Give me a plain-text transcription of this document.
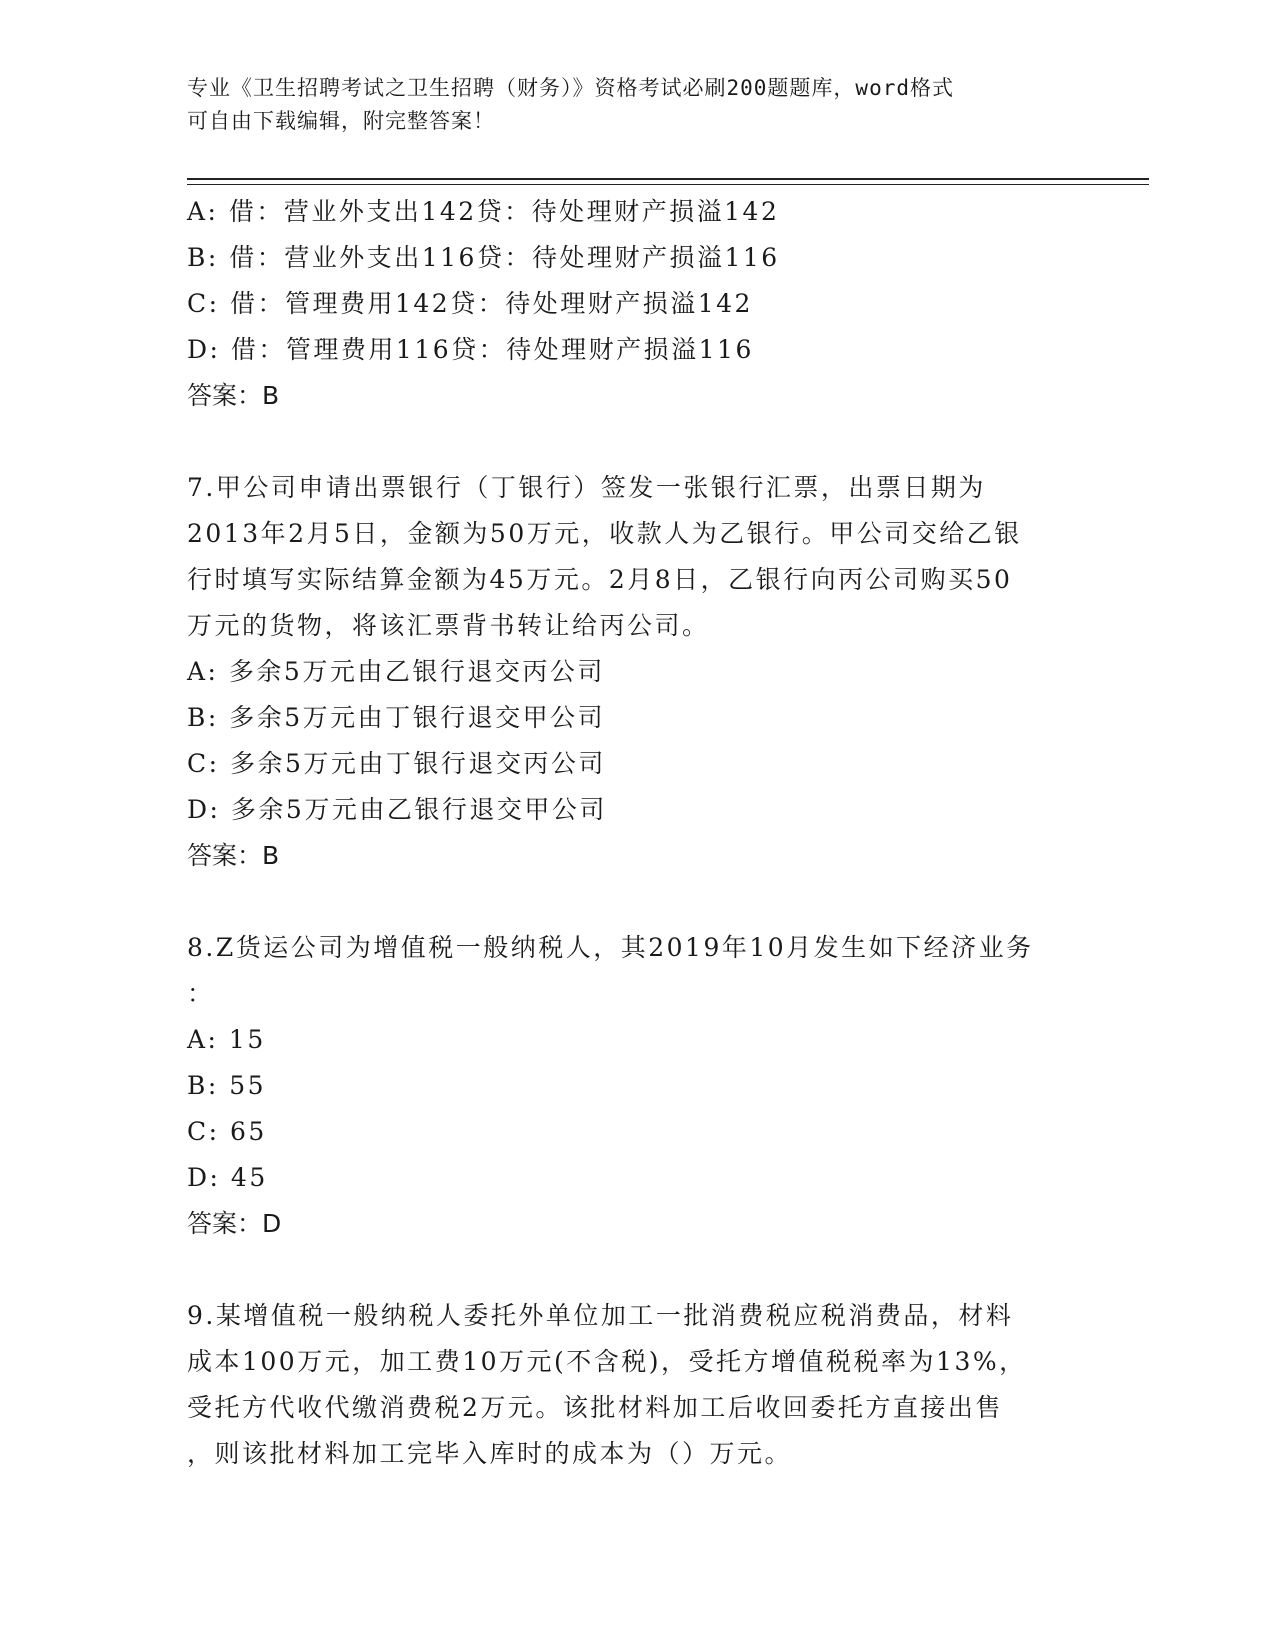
专业《卫生招聘考试之卫生招聘（财务）》资格考试必刷200题题库，word格式
可自由下载编辑，附完整答案！
A: 借：营业外支出142贷：待处理财产损溢142
B: 借：营业外支出116贷：待处理财产损溢116
C: 借：管理费用142贷：待处理财产损溢142
D: 借：管理费用116贷：待处理财产损溢116
答案：B
7.甲公司申请出票银行（丁银行）签发一张银行汇票，出票日期为
2013年2月5日，金额为50万元，收款人为乙银行。甲公司交给乙银
行时填写实际结算金额为45万元。2月8日，乙银行向丙公司购买50
万元的货物，将该汇票背书转让给丙公司。
A: 多余5万元由乙银行退交丙公司
B: 多余5万元由丁银行退交甲公司
C: 多余5万元由丁银行退交丙公司
D: 多余5万元由乙银行退交甲公司
答案：B
8.Z货运公司为增值税一般纳税人，其2019年10月发生如下经济业务
：
A: 15
B: 55
C: 65
D: 45
答案：D
9.某增值税一般纳税人委托外单位加工一批消费税应税消费品，材料
成本100万元，加工费10万元(不含税)，受托方增值税税率为13%，
受托方代收代缴消费税2万元。该批材料加工后收回委托方直接出售
，则该批材料加工完毕入库时的成本为（）万元。
